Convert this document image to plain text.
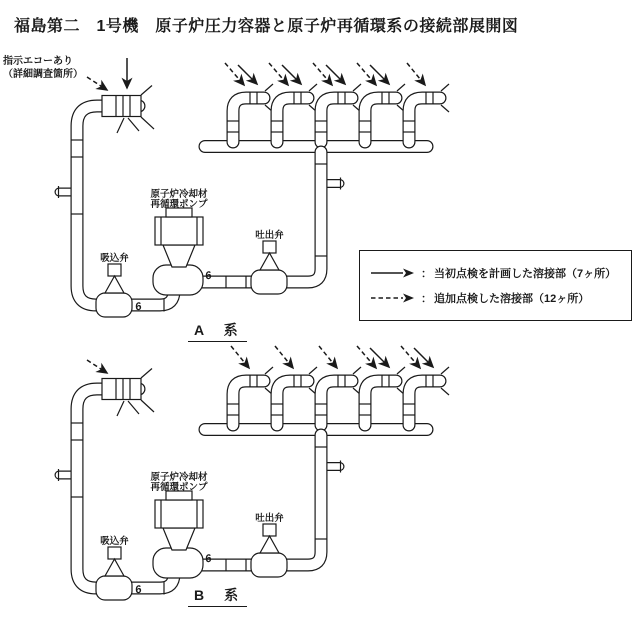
6
6
原子炉冷却材
再循環ポンプ
吸込弁
吐出弁
6
6
原子炉冷却材
再循環ポンプ
吸込弁
吐出弁
福島第二　1号機　原子炉圧力容器と原子炉再循環系の接続部展開図
指示エコーあり
（詳細調査箇所）
： 当初点検を計画した溶接部（7ヶ所）
： 追加点検した溶接部（12ヶ所）
A　系
B　系
